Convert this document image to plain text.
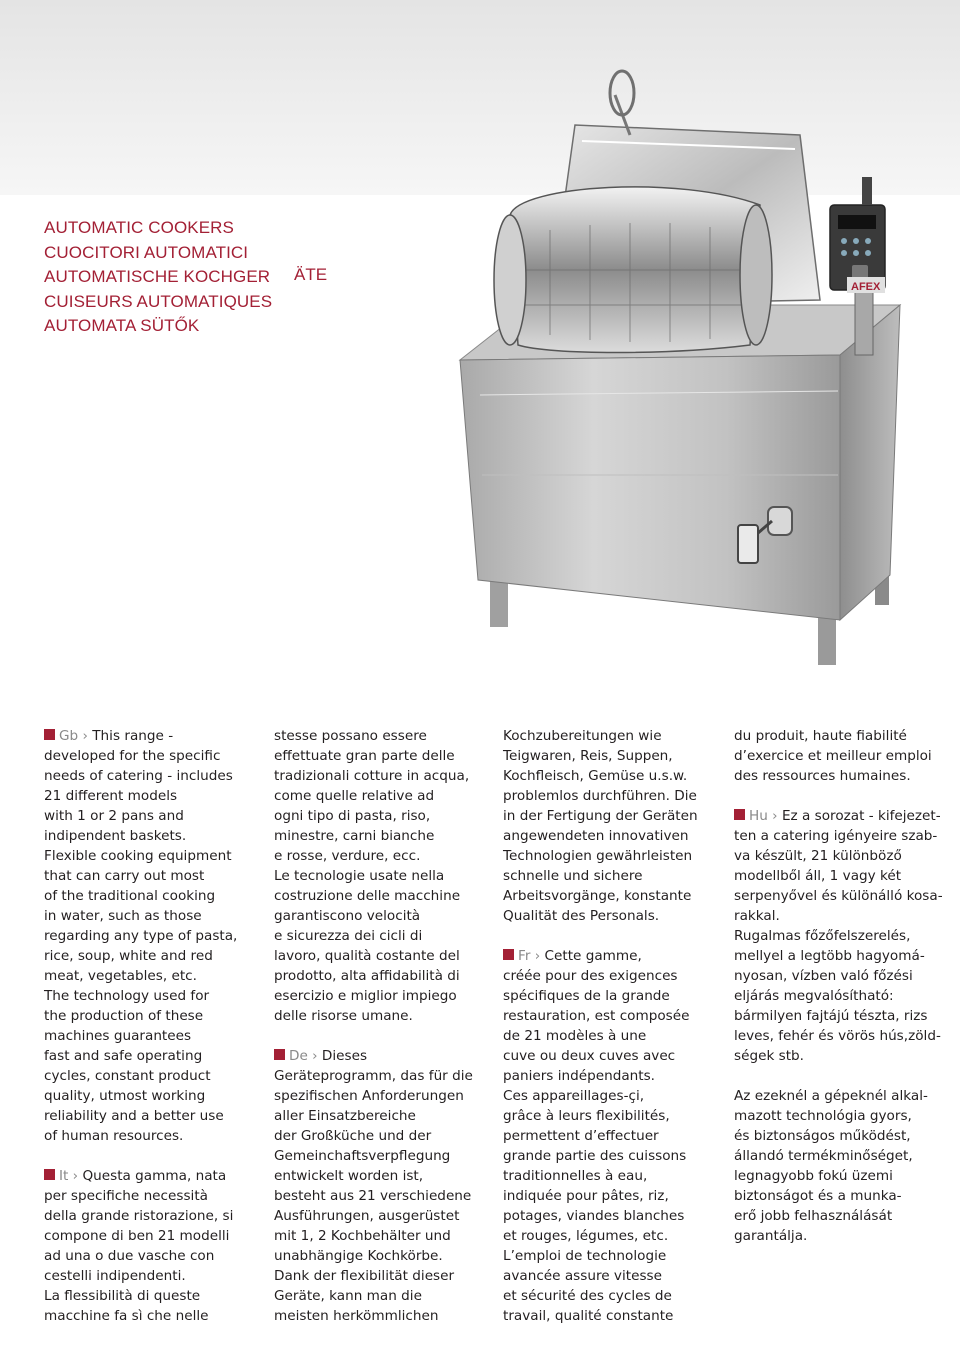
AUTOMATIC COOKERS
CUOCITORI AUTOMATICI
AUTOMATISCHE KOCHGER
CUISEURS AUTOMATIQUES
AUTOMATA SÜTŐK
ÄTE
AFEX

Gb › This range -

developed for the specific

needs of catering - includes

21 different models

with 1 or 2 pans and

indipendent baskets.

Flexible cooking equipment

that can carry out most

of the traditional cooking

in water, such as those

regarding any type of pasta,

rice, soup, white and red

meat, vegetables, etc.

The technology used for

the production of these

machines guarantees

fast and safe operating

cycles, constant product

quality, utmost working

reliability and a better use

of human resources.

It › Questa gamma, nata

per specifiche necessità

della grande ristorazione, si

compone di ben 21 modelli

ad una o due vasche con

cestelli indipendenti.

La flessibilità di queste

macchine fa sì che nelle

stesse possano essere

effettuate gran parte delle

tradizionali cotture in acqua,

come quelle relative ad

ogni tipo di pasta, riso,

minestre, carni bianche

e rosse, verdure, ecc.

Le tecnologie usate nella

costruzione delle macchine

garantiscono velocità

e sicurezza dei cicli di

lavoro, qualità costante del

prodotto, alta affidabilità di

esercizio e miglior impiego

delle risorse umane.

De › Dieses

Geräteprogramm, das für die

spezifischen Anforderungen

aller Einsatzbereiche

der Großküche und der

Gemeinchaftsverpflegung

entwickelt worden ist,

besteht aus 21 verschiedene

Ausführungen, ausgerüstet

mit 1, 2 Kochbehälter und

unabhängige Kochkörbe.

Dank der flexibilität dieser

Geräte, kann man die

meisten herkömmlichen

Kochzubereitungen wie

Teigwaren, Reis, Suppen,

Kochfleisch, Gemüse u.s.w.

problemlos durchführen. Die

in der Fertigung der Geräten

angewendeten innovativen

Technologien gewährleisten

schnelle und sichere

Arbeitsvorgänge, konstante

Qualität des Personals.

Fr › Cette gamme,

créée pour des exigences

spécifiques de la grande

restauration, est composée

de 21 modèles à une

cuve ou deux cuves avec

paniers indépendants.

Ces appareillages-çi,

grâce à leurs flexibilités,

permettent d’effectuer

grande partie des cuissons

traditionnelles à eau,

indiquée pour pâtes, riz,

potages, viandes blanches

et rouges, légumes, etc.

L’emploi de technologie

avancée assure vitesse

et sécurité des cycles de

travail, qualité constante

du produit, haute fiabilité

d’exercice et meilleur emploi

des ressources humaines.

Hu › Ez a sorozat - kifejezet-

ten a catering igényeire szab-

va készült, 21 különböző

modellből áll, 1 vagy két

serpenyővel és különálló kosa-

rakkal.

Rugalmas főzőfelszerelés,

mellyel a legtöbb hagyomá-

nyosan, vízben való főzési

eljárás megvalósítható:

bármilyen fajtájú tészta, rizs

leves, fehér és vörös hús,zöld-

ségek stb.

Az ezeknél a gépeknél alkal-

mazott technológia gyors,

és biztonságos működést,

állandó termékminőséget,

legnagyobb fokú üzemi

biztonságot és a munka-

erő jobb felhasználását

garantálja.
